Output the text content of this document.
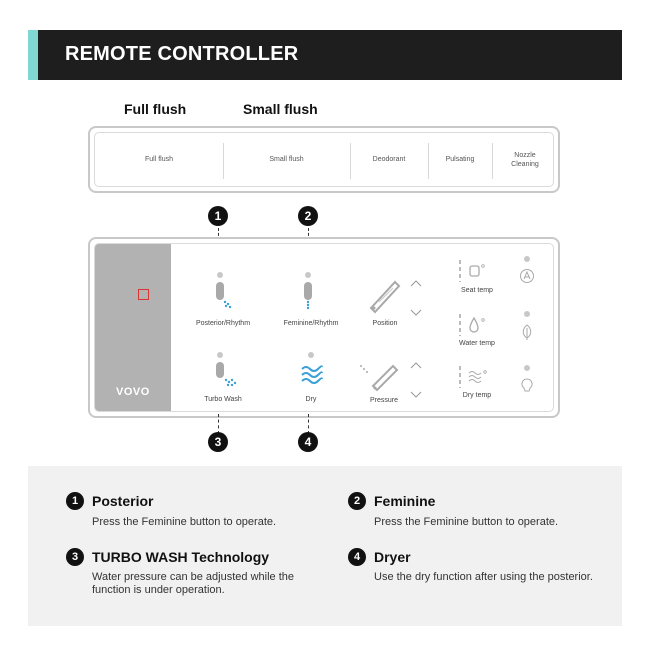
REMOTE CONTROLLER
Full flush	Small flush
Full flush	Small flush	Deodorant	Pulsating
Nozzle Cleaning
1	2
VOVO
Posterior/Rhythm	Feminine/Rhythm	Position
Seat temp
Water temp
Turbo Wash	Dry	Pressure
Dry temp
3	4
1 Posterior
Press the Feminine button to operate.
2 Feminine
Press the Feminine button to operate.
3 TURBO WASH Technology
Water pressure can be adjusted while the function is under operation.
4 Dryer
Use the dry function after using the posterior.
